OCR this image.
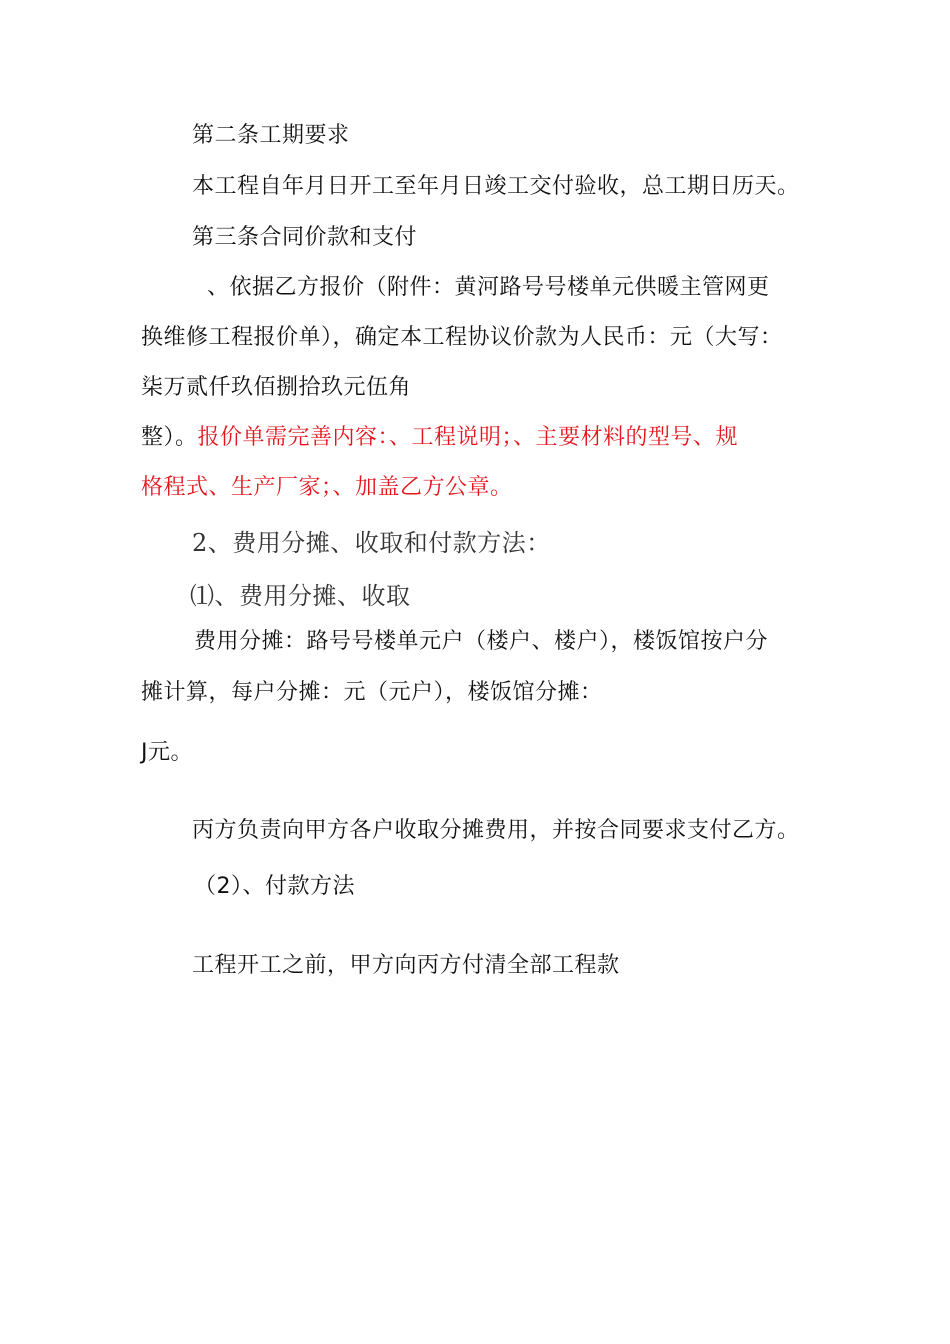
第二条工期要求
本工程自年月日开工至年月日竣工交付验收，总工期日历天。
第三条合同价款和支付
、依据乙方报价（附件：黄河路号号楼单元供暖主管网更
换维修工程报价单），确定本工程协议价款为人民币：元（大写：
柒万贰仟玖佰捌拾玖元伍角
整）。报价单需完善内容：、工程说明；、主要材料的型号、规
格程式、生产厂家；、加盖乙方公章。
2、费用分摊、收取和付款方法：
⑴、费用分摊、收取
费用分摊：路号号楼单元户（楼户、楼户），楼饭馆按户分
摊计算，每户分摊：元（元户），楼饭馆分摊：
J元。
丙方负责向甲方各户收取分摊费用，并按合同要求支付乙方。
（2）、付款方法
工程开工之前，甲方向丙方付清全部工程款
